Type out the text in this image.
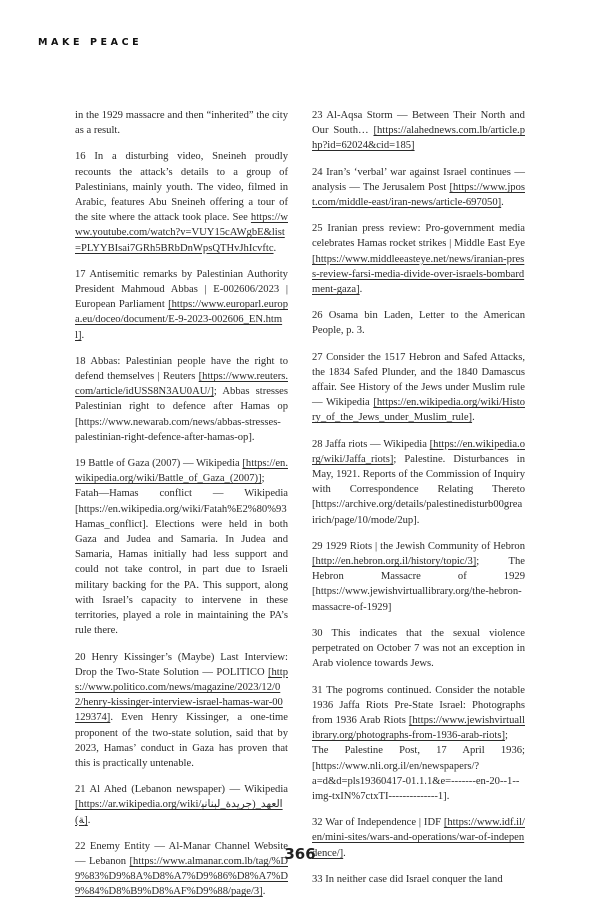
MAKE PEACE

in the 1929 massacre and then “inherited” the city as a result.

16 In a disturbing video, Sneineh proudly recounts the attack’s details to a group of Palestinians, mainly youth. The video, filmed in Arabic, features Abu Sneineh offering a tour of the site where the attack took place. See https://www.youtube.com/watch?v=VUY15cAWgbE&list=PLYYBIsai7GRh5BRbDnWpsQTHvJhIcvftc.

17 Antisemitic remarks by Palestinian Authority President Mahmoud Abbas | E-002606/2023 | European Parliament [https://www.europarl.europa.eu/doceo/document/E-9-2023-002606_EN.html].

18 Abbas: Palestinian people have the right to defend themselves | Reuters [https://www.reuters.com/article/idUSS8N3AU0AU/]; Abbas stresses Palestinian right to defence after Hamas op [https://www.newarab.com/news/abbas-stresses-palestinian-right-defence-after-hamas-op].

19 Battle of Gaza (2007) — Wikipedia [https://en.wikipedia.org/wiki/Battle_of_Gaza_(2007)]; Fatah—Hamas conflict — Wikipedia [https://en.wikipedia.org/wiki/Fatah%E2%80%93Hamas_conflict]. Elections were held in both Gaza and Judea and Samaria. In Judea and Samaria, Hamas initially had less support and could not take control, in part due to Israeli military backing for the PA. This support, along with Israel’s capacity to intervene in these territories, played a role in maintaining the PA’s rule there.

20 Henry Kissinger’s (Maybe) Last Interview: Drop the Two-State Solution — POLITICO [https://www.politico.com/news/magazine/2023/12/02/henry-kissinger-interview-israel-hamas-war-00129374]. Even Henry Kissinger, a one-time proponent of the two-state solution, said that by 2023, Hamas’ conduct in Gaza has proven that this is practically untenable.

21 Al Ahed (Lebanon newspaper) — Wikipedia [https://ar.wikipedia.org/wiki/العهد_(جريدة_لبنانية)].

22 Enemy Entity — Al-Manar Channel Website — Lebanon [https://www.almanar.com.lb/tag/%D9%83%D9%8A%D8%A7%D9%86%D8%A7%D9%84%D8%B9%D8%AF%D9%88/page/3].

23 Al-Aqsa Storm — Between Their North and Our South… [https://alahednews.com.lb/article.php?id=62024&cid=185]

24 Iran’s ‘verbal’ war against Israel continues — analysis — The Jerusalem Post [https://www.jpost.com/middle-east/iran-news/article-697050].

25 Iranian press review: Pro-government media celebrates Hamas rocket strikes | Middle East Eye [https://www.middleeasteye.net/news/iranian-press-review-farsi-media-divide-over-israels-bombardment-gaza].

26 Osama bin Laden, Letter to the American People, p. 3.

27 Consider the 1517 Hebron and Safed Attacks, the 1834 Safed Plunder, and the 1840 Damascus affair. See History of the Jews under Muslim rule — Wikipedia [https://en.wikipedia.org/wiki/History_of_the_Jews_under_Muslim_rule].

28 Jaffa riots — Wikipedia [https://en.wikipedia.org/wiki/Jaffa_riots]; Palestine. Disturbances in May, 1921. Reports of the Commission of Inquiry with Correspondence Relating Thereto [https://archive.org/details/palestinedisturb00greairich/page/10/mode/2up].

29 1929 Riots | the Jewish Community of Hebron [http://en.hebron.org.il/history/topic/3]; The Hebron Massacre of 1929 [https://www.jewishvirtuallibrary.org/the-hebron-massacre-of-1929]

30 This indicates that the sexual violence perpetrated on October 7 was not an exception in Arab violence towards Jews.

31 The pogroms continued. Consider the notable 1936 Jaffa Riots Pre-State Israel: Photographs from 1936 Arab Riots [https://www.jewishvirtuallibrary.org/photographs-from-1936-arab-riots]; The Palestine Post, 17 April 1936; [https://www.nli.org.il/en/newspapers/?a=d&d=pls19360417-01.1.1&e=-------en-20--1--img-txIN%7ctxTI--------------1].

32 War of Independence | IDF [https://www.idf.il/en/mini-sites/wars-and-operations/war-of-independence/].

33 In neither case did Israel conquer the land

366
